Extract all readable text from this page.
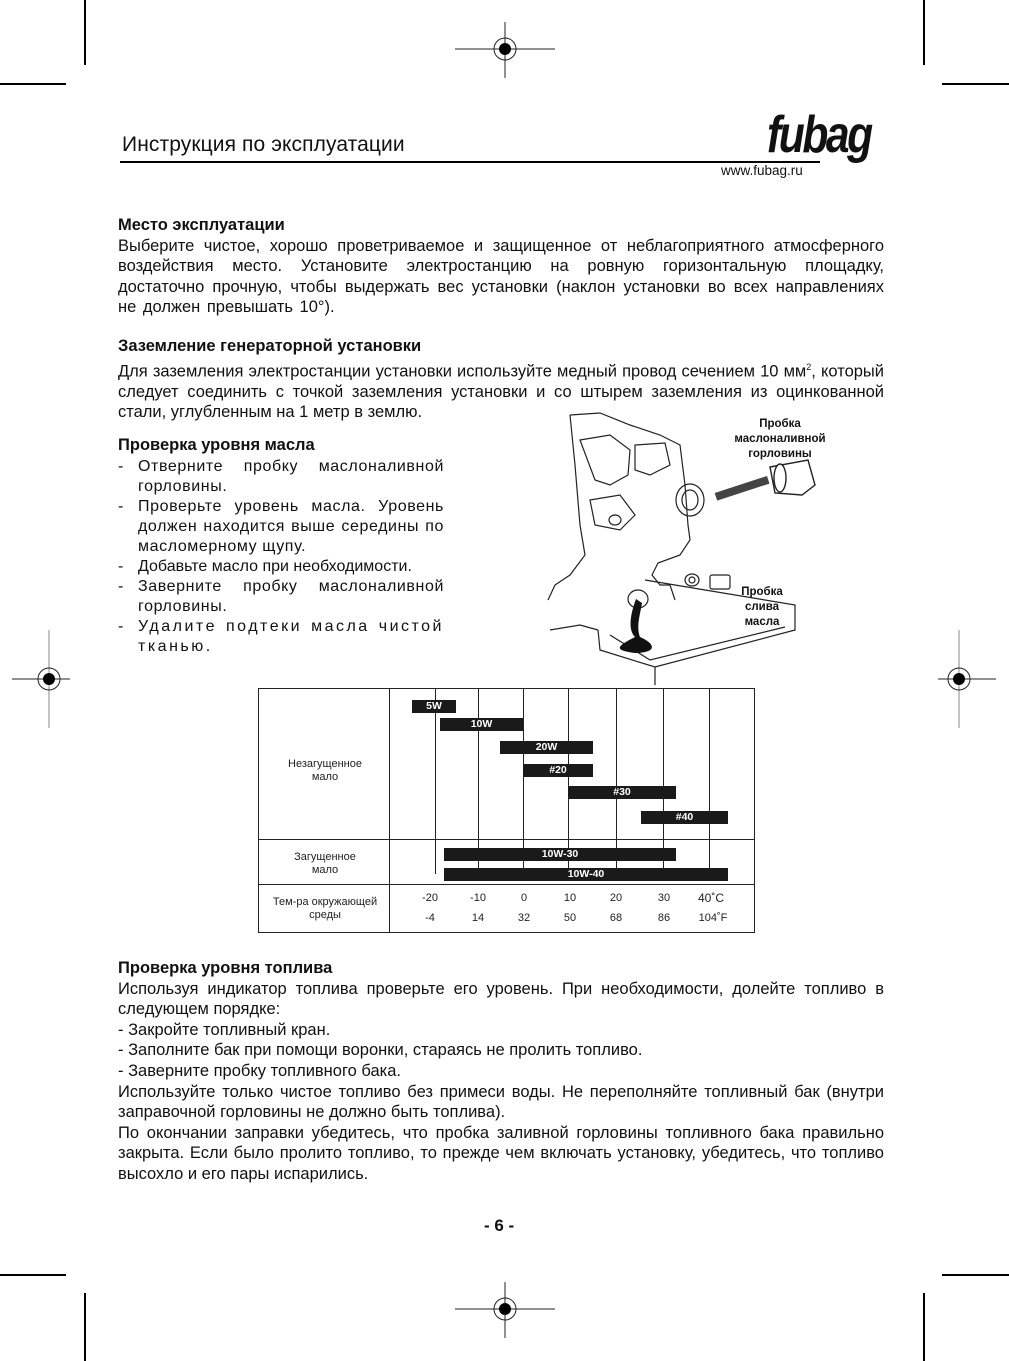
Инструкция по эксплуатации	fubag
www.fubag.ru
Место эксплуатации

Выберите чистое, хорошо проветриваемое и защищенное от неблагоприятного атмосферного воздействия место. Установите электростанцию на ровную горизонтальную площадку, достаточно прочную, чтобы выдержать вес установки (наклон установки во всех направлениях не должен превышать 10°).

Заземление генераторной установки

Для заземления электростанции установки используйте медный провод сечением 10 $мм^2$, который следует соединить с точкой заземления установки и со штырем заземления из оцинкованной стали, углубленным на 1 метр в землю.

Проверка уровня масла
- Отверните пробку маслоналивной горловины.
- Проверьте уровень масла. Уровень должен находится выше середины по масломерному щупу.
- Добавьте масло при необходимости.
- Заверните пробку маслоналивной горловины.
- Удалите подтеки масла чистой тканью.
Пробка маслоналивной горловины
Пробка слива масла
Незагущенное мало
Загущенное мало
Тем-ра окружающей среды
5W
10W
20W
#20
#30
#40
10W-30
10W-40
-20	-10	0	10	20	30	40˚C
-4	14	32	50	68	86	104˚F
Проверка уровня топлива

Используя индикатор топлива проверьте его уровень. При необходимости, долейте топливо в следующем порядке:

- Закройте топливный кран.
- Заполните бак при помощи воронки, стараясь не пролить топливо.
- Заверните пробку топливного бака.

Используйте только чистое топливо без примеси воды. Не переполняйте топливный бак (внутри заправочной горловины не должно быть топлива).

По окончании заправки убедитесь, что пробка заливной горловины топливного бака правильно закрыта. Если было пролито топливо, то прежде чем включать установку, убедитесь, что топливо высохло и его пары испарились.

- 6 -
